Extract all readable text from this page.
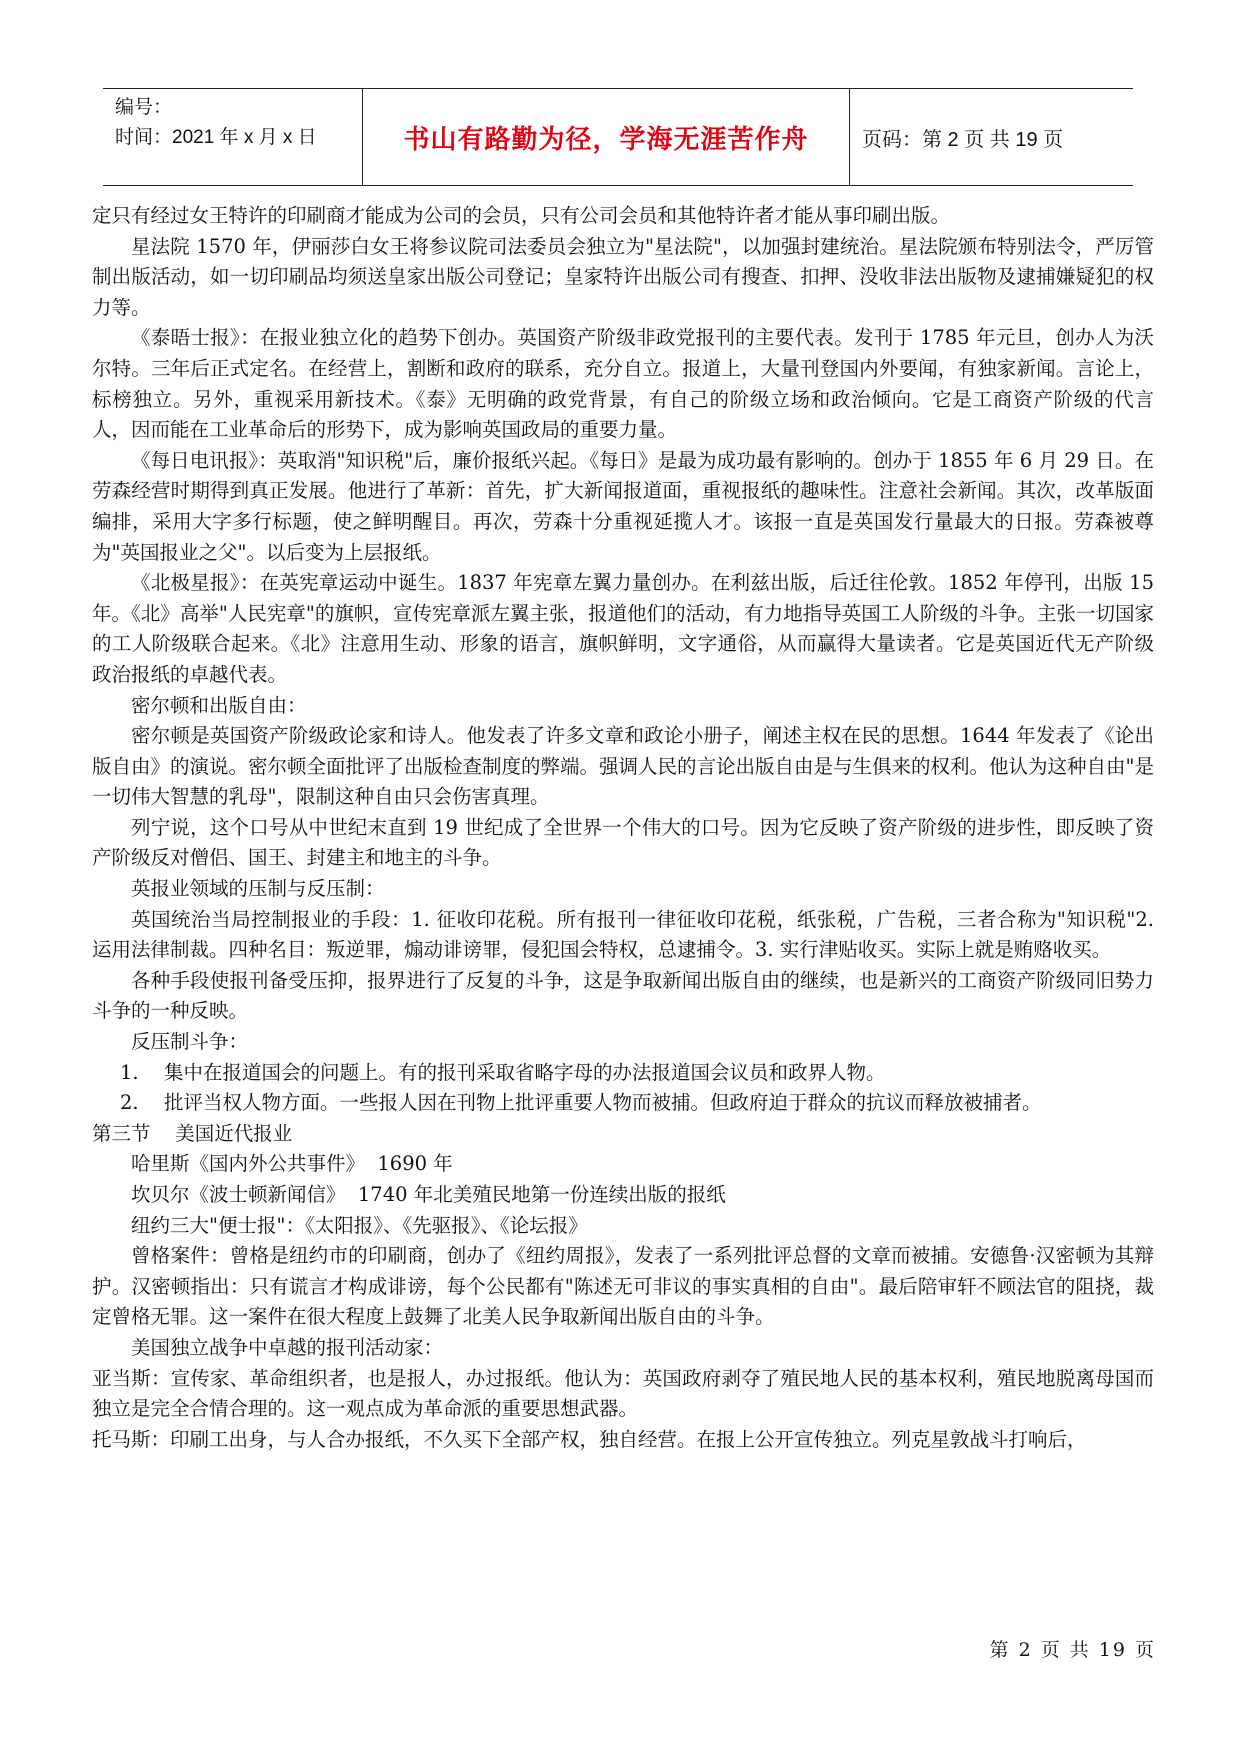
编号：
时间：2021 年 x 月 x 日	书山有路勤为径，学海无涯苦作舟	页码：第 2 页 共 19 页

定只有经过女王特许的印刷商才能成为公司的会员，只有公司会员和其他特许者才能从事印刷出版。

星法院 1570 年，伊丽莎白女王将参议院司法委员会独立为"星法院"，以加强封建统治。星法院颁布特别法令，严厉管制出版活动，如一切印刷品均须送皇家出版公司登记；皇家特许出版公司有搜查、扣押、没收非法出版物及逮捕嫌疑犯的权力等。

《泰晤士报》：在报业独立化的趋势下创办。英国资产阶级非政党报刊的主要代表。发刊于 1785 年元旦，创办人为沃尔特。三年后正式定名。在经营上，割断和政府的联系，充分自立。报道上，大量刊登国内外要闻，有独家新闻。言论上，标榜独立。另外，重视采用新技术。《泰》无明确的政党背景，有自己的阶级立场和政治倾向。它是工商资产阶级的代言人，因而能在工业革命后的形势下，成为影响英国政局的重要力量。

《每日电讯报》：英取消"知识税"后，廉价报纸兴起。《每日》是最为成功最有影响的。创办于 1855 年 6 月 29 日。在劳森经营时期得到真正发展。他进行了革新：首先，扩大新闻报道面，重视报纸的趣味性。注意社会新闻。其次，改革版面编排，采用大字多行标题，使之鲜明醒目。再次，劳森十分重视延揽人才。该报一直是英国发行量最大的日报。劳森被尊为"英国报业之父"。以后变为上层报纸。

《北极星报》：在英宪章运动中诞生。1837 年宪章左翼力量创办。在利兹出版，后迁往伦敦。1852 年停刊，出版 15 年。《北》高举"人民宪章"的旗帜，宣传宪章派左翼主张，报道他们的活动，有力地指导英国工人阶级的斗争。主张一切国家的工人阶级联合起来。《北》注意用生动、形象的语言，旗帜鲜明，文字通俗，从而赢得大量读者。它是英国近代无产阶级政治报纸的卓越代表。

密尔顿和出版自由：

密尔顿是英国资产阶级政论家和诗人。他发表了许多文章和政论小册子，阐述主权在民的思想。1644 年发表了《论出版自由》的演说。密尔顿全面批评了出版检查制度的弊端。强调人民的言论出版自由是与生俱来的权利。他认为这种自由"是一切伟大智慧的乳母"，限制这种自由只会伤害真理。

列宁说，这个口号从中世纪末直到 19 世纪成了全世界一个伟大的口号。因为它反映了资产阶级的进步性，即反映了资产阶级反对僧侣、国王、封建主和地主的斗争。

英报业领域的压制与反压制：

英国统治当局控制报业的手段：1. 征收印花税。所有报刊一律征收印花税，纸张税，广告税，三者合称为"知识税"2. 运用法律制裁。四种名目：叛逆罪，煽动诽谤罪，侵犯国会特权，总逮捕令。3. 实行津贴收买。实际上就是贿赂收买。

各种手段使报刊备受压抑，报界进行了反复的斗争，这是争取新闻出版自由的继续，也是新兴的工商资产阶级同旧势力斗争的一种反映。

反压制斗争：

1. 集中在报道国会的问题上。有的报刊采取省略字母的办法报道国会议员和政界人物。

2. 批评当权人物方面。一些报人因在刊物上批评重要人物而被捕。但政府迫于群众的抗议而释放被捕者。

第三节    美国近代报业

哈里斯《国内外公共事件》  1690 年

坎贝尔《波士顿新闻信》  1740 年北美殖民地第一份连续出版的报纸

纽约三大"便士报"：《太阳报》、《先驱报》、《论坛报》

曾格案件：曾格是纽约市的印刷商，创办了《纽约周报》，发表了一系列批评总督的文章而被捕。安德鲁·汉密顿为其辩护。汉密顿指出：只有谎言才构成诽谤，每个公民都有"陈述无可非议的事实真相的自由"。最后陪审轩不顾法官的阻挠，裁定曾格无罪。这一案件在很大程度上鼓舞了北美人民争取新闻出版自由的斗争。

美国独立战争中卓越的报刊活动家：

亚当斯：宣传家、革命组织者，也是报人，办过报纸。他认为：英国政府剥夺了殖民地人民的基本权利，殖民地脱离母国而独立是完全合情合理的。这一观点成为革命派的重要思想武器。

托马斯：印刷工出身，与人合办报纸，不久买下全部产权，独自经营。在报上公开宣传独立。列克星敦战斗打响后，

第 2 页 共 19 页
